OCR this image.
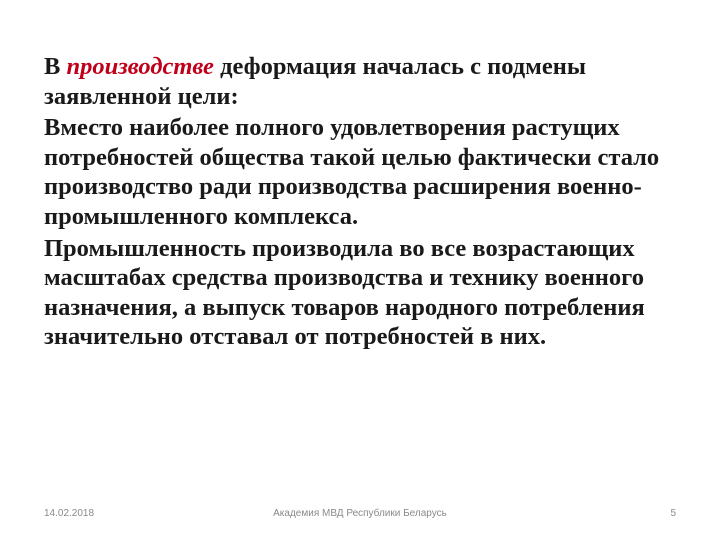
В производстве деформация началась с подмены заявленной цели:

Вместо наиболее полного удовлетворения растущих потребностей общества такой целью фактически стало производство ради производства расширения военно-промышленного комплекса.

Промышленность производила во все возрастающих масштабах средства производства и технику военного назначения, а выпуск товаров народного потребления значительно отставал от потребностей в них.

14.02.2018	Академия МВД Республики Беларусь	5
